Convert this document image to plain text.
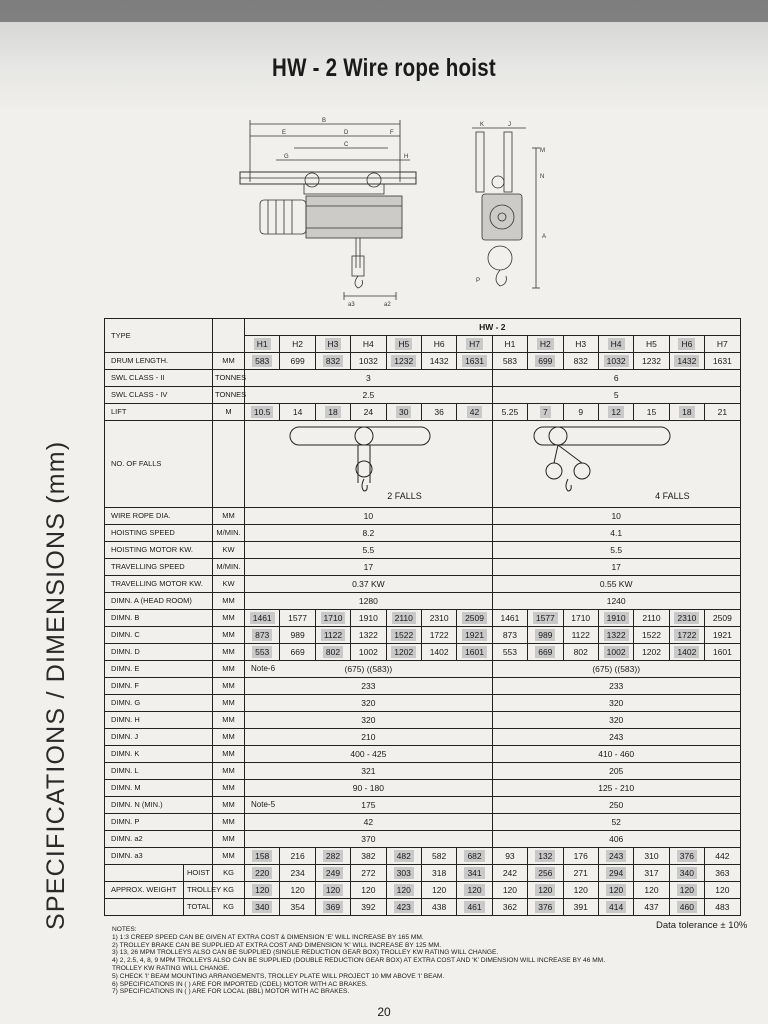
HW - 2 Wire rope hoist
SPECIFICATIONS / DIMENSIONS (mm)
B
E	D	F
C
G	H
K	J
M
N
A
P
a3	a2
TYPE		HW - 2													
		H1	H2	H3	H4	H5	H6	H7	H1	H2	H3	H4	H5	H6	H7
DRUM LENGTH.	MM	583	699	832	1032	1232	1432	1631	583	699	832	1032	1232	1432	1631
SWL CLASS - II	TONNES	3							6						
SWL CLASS - IV	TONNES	2.5							5						
LIFT	M	10.5	14	18	24	30	36	42	5.25	7	9	12	15	18	21
NO. OF FALLS		2 FALLS							4 FALLS						

WIRE ROPE DIA.	MM	10							10						
HOISTING SPEED	M/MIN.	8.2							4.1						
HOISTING MOTOR KW.	KW	5.5							5.5						
TRAVELLING SPEED	M/MIN.	17							17						
TRAVELLING MOTOR KW.	KW	0.37 KW							0.55 KW						
DIMN. A (HEAD ROOM)	MM	1280							1240						
DIMN. B	MM	1461	1577	1710	1910	2110	2310	2509	1461	1577	1710	1910	2110	2310	2509
DIMN. C	MM	873	989	1122	1322	1522	1722	1921	873	989	1122	1322	1522	1722	1921
DIMN. D	MM	553	669	802	1002	1202	1402	1601	553	669	802	1002	1202	1402	1601
DIMN. E	MM	Note-6 (675) ((583))							(675) ((583))						
DIMN. F	MM	233							233						
DIMN. G	MM	320							320						
DIMN. H	MM	320							320						
DIMN. J	MM	210							243						
DIMN. K	MM	400 - 425							410 - 460						
DIMN. L	MM	321							205						
DIMN. M	MM	90 - 180							125 - 210						
DIMN. N (MIN.)	MM	Note-5 175							250						
DIMN. P	MM	42							52						
DIMN. a2	MM	370							406						
DIMN. a3	MM	158	216	282	382	482	582	682	93	132	176	243	310	376	442

HOIST	KG	220	234	249	272	303	318	341	242	256	271	294	317	340	363

APPROX. WEIGHT TROLLEY	KG	120	120	120	120	120	120	120	120	120	120	120	120	120	120

TOTAL	KG	340	354	369	392	423	438	461	362	376	391	414	437	460	483
Data tolerance ± 10%
NOTES:
1) 1:3 CREEP SPEED CAN BE GIVEN AT EXTRA COST & DIMENSION 'E' WILL INCREASE BY 165 MM.
2) TROLLEY BRAKE CAN BE SUPPLIED AT EXTRA COST AND DIMENSION 'K' WILL INCREASE BY 125 MM.
3) 13, 26 MPM TROLLEYS ALSO CAN BE SUPPLIED (SINGLE REDUCTION GEAR BOX) TROLLEY KW RATING WILL CHANGE.
4) 2, 2.5, 4, 8, 9 MPM TROLLEYS ALSO CAN BE SUPPLIED (DOUBLE REDUCTION GEAR BOX) AT EXTRA COST AND 'K' DIMENSION WILL INCREASE BY 46 MM.
TROLLEY KW RATING WILL CHANGE.
5) CHECK 'I' BEAM MOUNTING ARRANGEMENTS, TROLLEY PLATE WILL PROJECT 10 MM ABOVE 'I' BEAM.
6) SPECIFICATIONS IN ( ) ARE FOR IMPORTED (CDEL) MOTOR WITH AC BRAKES.
7) SPECIFICATIONS IN ( ) ARE FOR LOCAL (BBL) MOTOR WITH AC BRAKES.
20
